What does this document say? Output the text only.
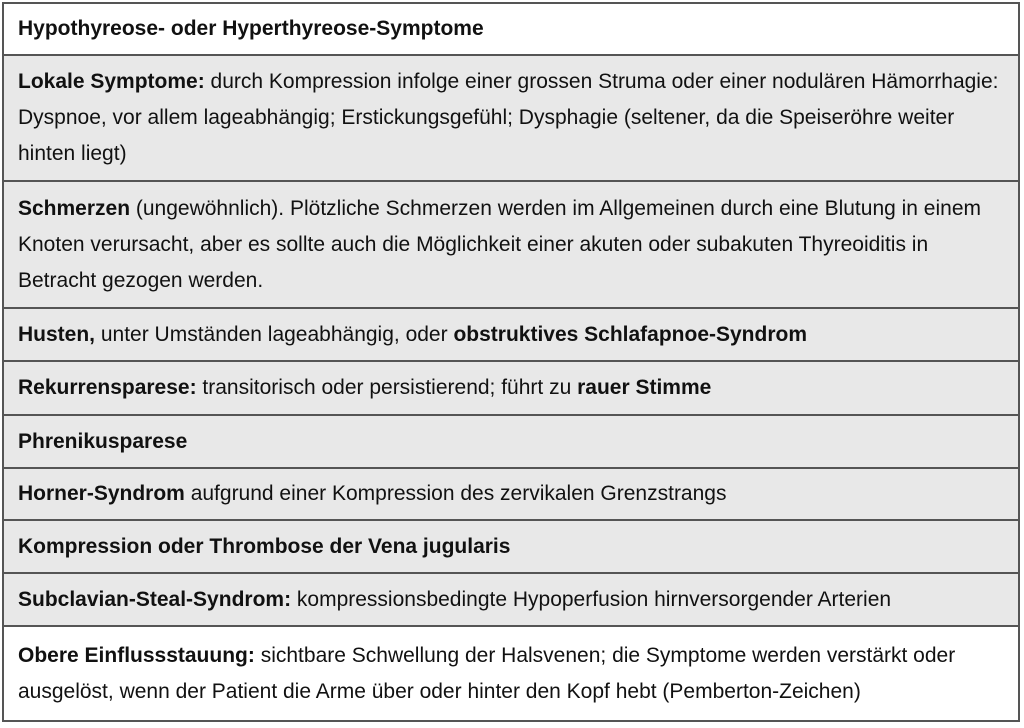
Hypothyreose- oder Hyperthyreose-Symptome
Lokale Symptome: durch Kompression infolge einer grossen Struma oder einer nodulären Hämorrhagie: Dyspnoe, vor allem lageabhängig; Erstickungsgefühl; Dysphagie (seltener, da die Speiseröhre weiter hinten liegt)
Schmerzen (ungewöhnlich). Plötzliche Schmerzen werden im Allgemeinen durch eine Blutung in einem Knoten verursacht, aber es sollte auch die Möglichkeit einer akuten oder subakuten Thyreoiditis in Betracht gezogen werden.
Husten, unter Umständen lageabhängig, oder obstruktives Schlafapnoe-Syndrom
Rekurrensparese: transitorisch oder persistierend; führt zu rauer Stimme
Phrenikusparese
Horner-Syndrom aufgrund einer Kompression des zervikalen Grenzstrangs
Kompression oder Thrombose der Vena jugularis
Subclavian-Steal-Syndrom: kompressionsbedingte Hypoperfusion hirnversorgender Arterien
Obere Einflussstauung: sichtbare Schwellung der Halsvenen; die Symptome werden verstärkt oder ausgelöst, wenn der Patient die Arme über oder hinter den Kopf hebt (Pemberton-Zeichen)
